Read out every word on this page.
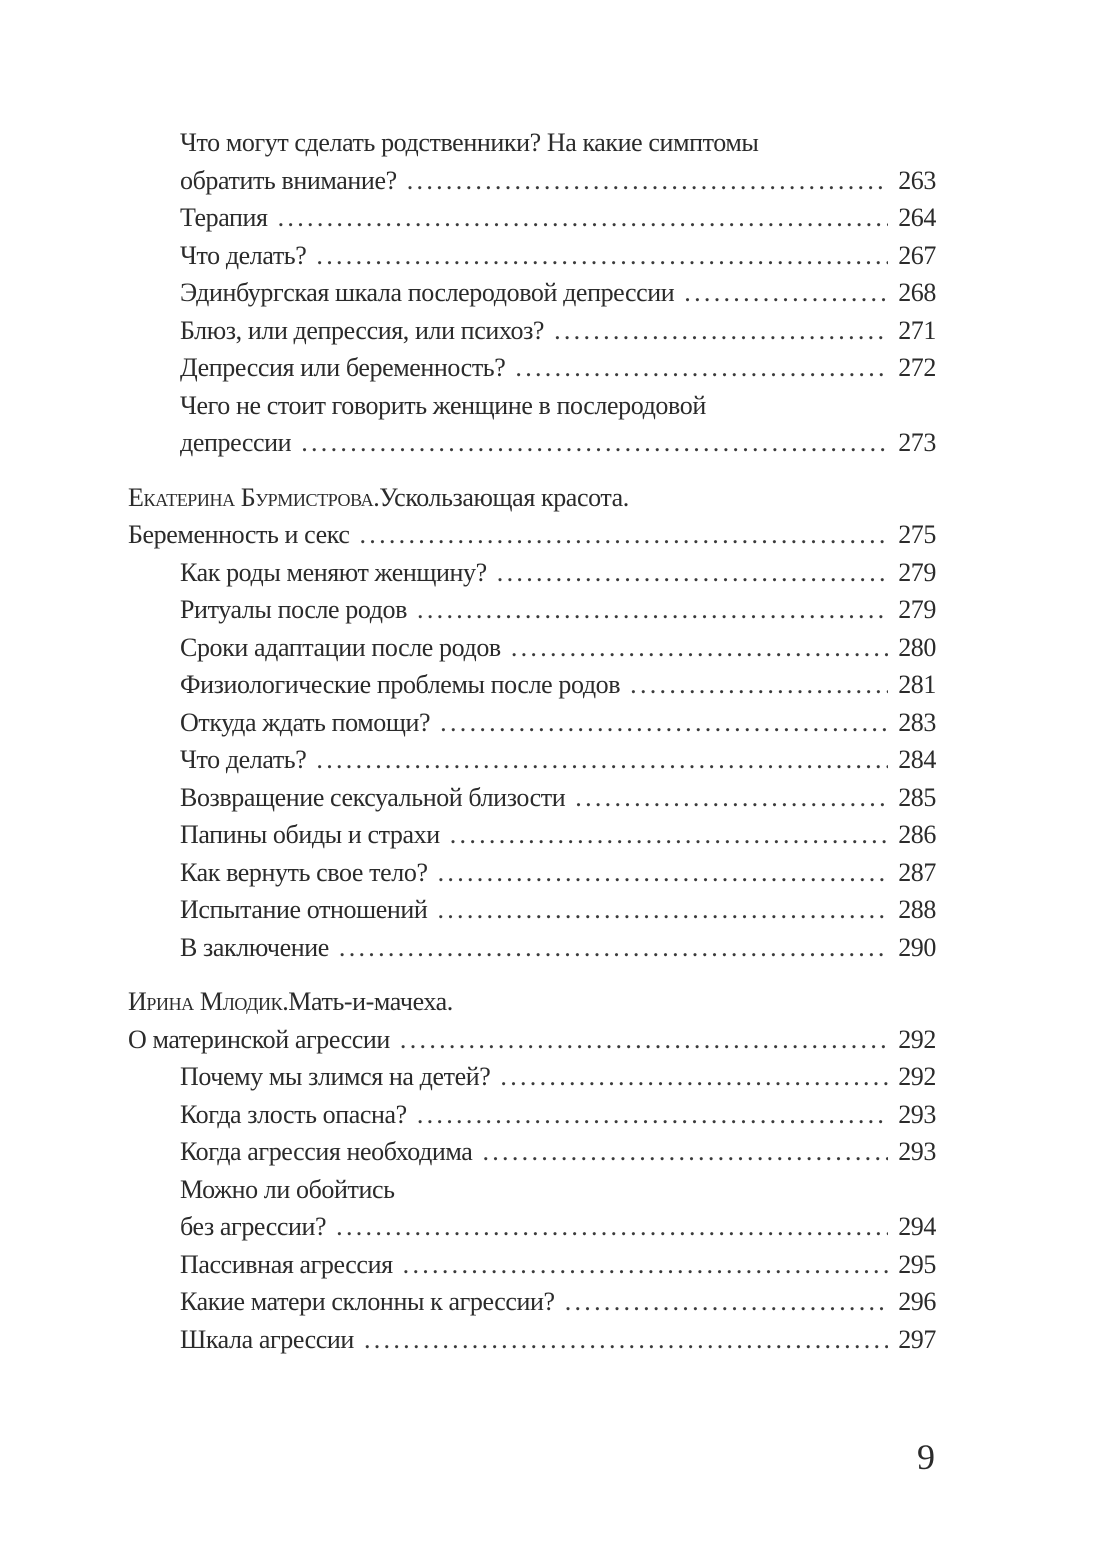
Что могут сделать родственники? На какие симптомы
обратить внимание? . . .	263
Терапия . . .	264
Что делать? . . .	267
Эдинбургская шкала послеродовой депрессии . . .	268
Блюз, или депрессия, или психоз? . . .	271
Депрессия или беременность? . . .	272
Чего не стоит говорить женщине в послеродовой
депрессии . . .	273
Екатерина Бурмистрова. Ускользающая красота.
Беременность и секс . . .	275
Как роды меняют женщину? . . .	279
Ритуалы после родов . . .	279
Сроки адаптации после родов . . .	280
Физиологические проблемы после родов . . .	281
Откуда ждать помощи? . . .	283
Что делать? . . .	284
Возвращение сексуальной близости . . .	285
Папины обиды и страхи . . .	286
Как вернуть свое тело? . . .	287
Испытание отношений . . .	288
В заключение . . .	290
Ирина Млодик. Мать-и-мачеха.
О материнской агрессии . . .	292
Почему мы злимся на детей? . . .	292
Когда злость опасна? . . .	293
Когда агрессия необходима . . .	293
Можно ли обойтись
без агрессии? . . .	294
Пассивная агрессия . . .	295
Какие матери склонны к агрессии? . . .	296
Шкала агрессии . . .	297
9
